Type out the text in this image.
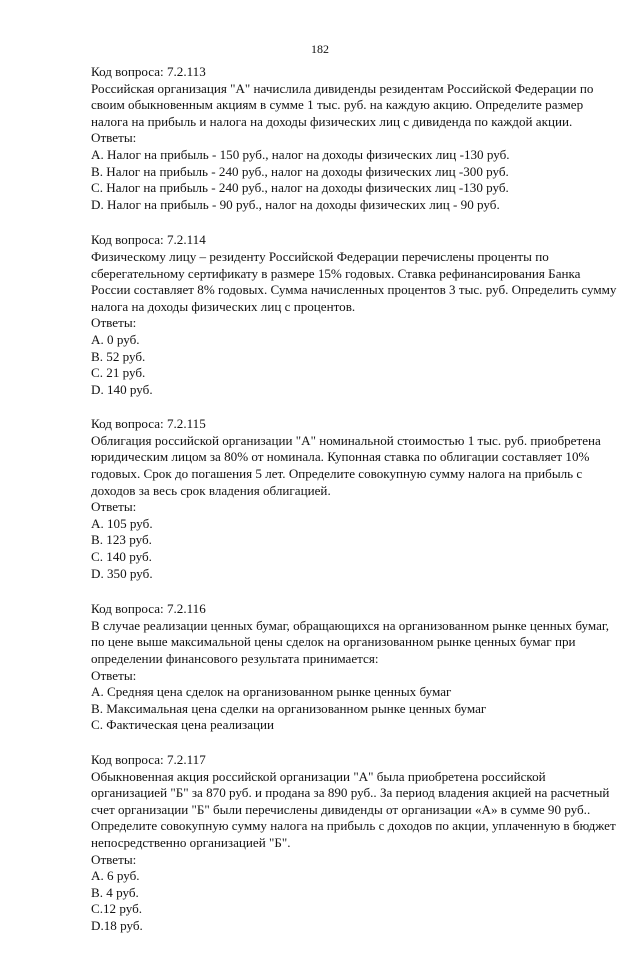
182
Код вопроса: 7.2.113
Российская организация "А" начислила дивиденды резидентам Российской Федерации по
своим обыкновенным акциям в сумме 1 тыс. руб. на каждую акцию. Определите размер
налога на прибыль и налога на доходы физических лиц с дивиденда по каждой акции.
Ответы:
A. Налог на прибыль - 150 руб., налог на доходы физических лиц -130 руб.
B. Налог на прибыль - 240 руб., налог на доходы физических лиц -300 руб.
C. Налог на прибыль - 240 руб., налог на доходы физических лиц -130 руб.
D. Налог на прибыль - 90 руб., налог на доходы физических лиц - 90 руб.
Код вопроса: 7.2.114
Физическому лицу – резиденту Российской Федерации перечислены проценты по
сберегательному сертификату в размере 15% годовых. Ставка рефинансирования Банка
России составляет 8% годовых. Сумма начисленных процентов 3 тыс. руб. Определить сумму
налога на доходы физических лиц с процентов.
Ответы:
A. 0 руб.
B. 52 руб.
C. 21 руб.
D. 140 руб.
Код вопроса: 7.2.115
Облигация российской организации "А" номинальной стоимостью 1 тыс. руб. приобретена
юридическим лицом за 80% от номинала. Купонная ставка по облигации составляет 10%
годовых. Срок до погашения 5 лет. Определите совокупную сумму налога на прибыль с
доходов за весь срок владения облигацией.
Ответы:
A. 105 руб.
B. 123 руб.
C. 140 руб.
D. 350 руб.
Код вопроса: 7.2.116
В случае реализации ценных бумаг, обращающихся на организованном рынке ценных бумаг,
по цене выше максимальной цены сделок на организованном рынке ценных бумаг при
определении финансового результата принимается:
Ответы:
A. Средняя цена сделок на организованном рынке ценных бумаг
B. Максимальная цена сделки на организованном рынке ценных бумаг
C. Фактическая цена реализации
Код вопроса: 7.2.117
Обыкновенная акция российской организации "А" была приобретена российской
организацией "Б" за 870 руб. и продана за 890 руб.. За период владения акцией на расчетный
счет организации "Б" были перечислены дивиденды от организации «А» в сумме 90 руб..
Определите совокупную сумму налога на прибыль с доходов по акции, уплаченную в бюджет
непосредственно организацией "Б".
Ответы:
A. 6 руб.
B. 4 руб.
C.12 руб.
D.18 руб.
